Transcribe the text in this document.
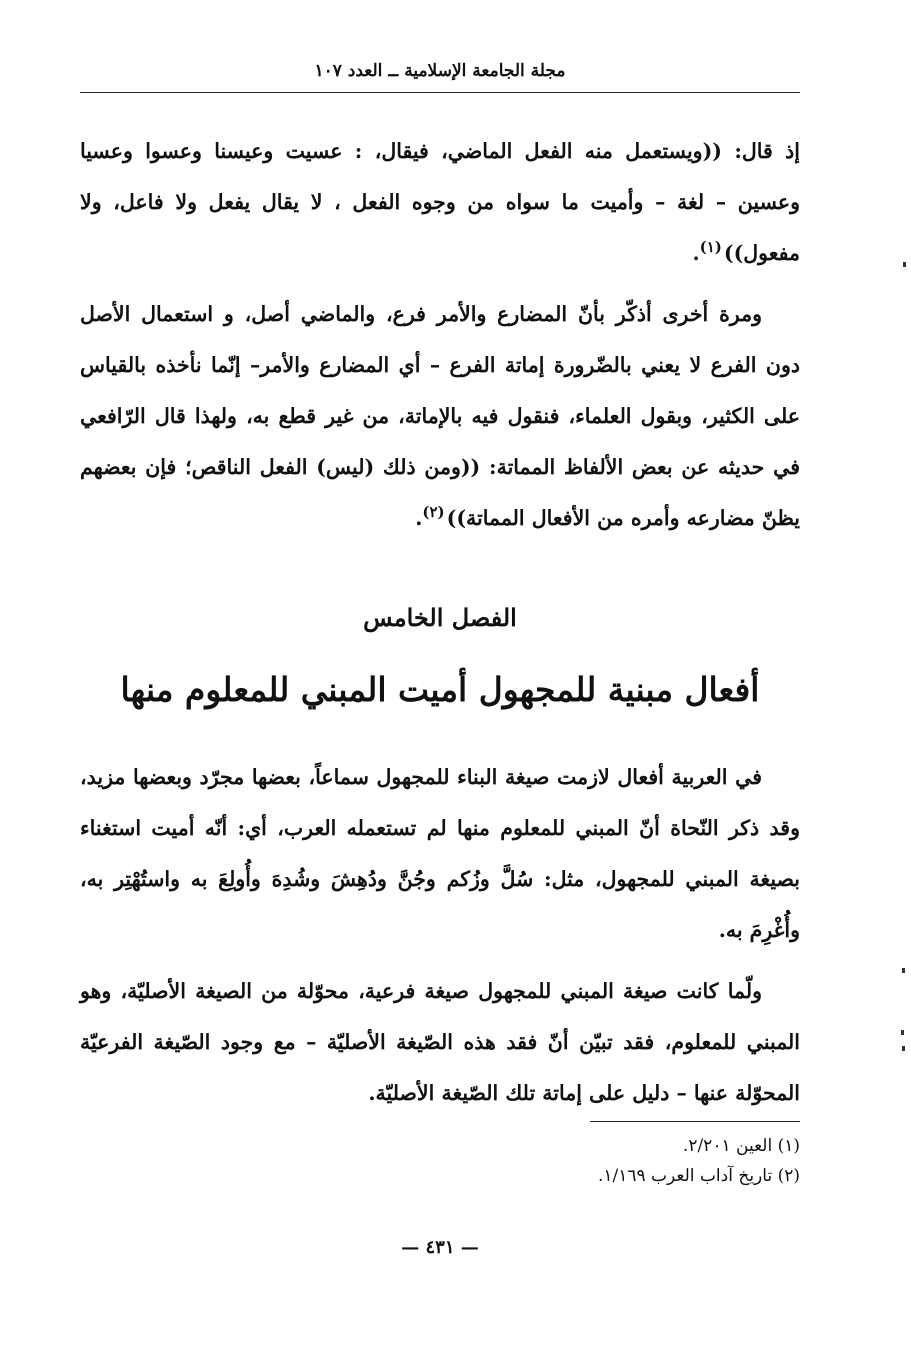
مجلة الجامعة الإسلامية ــ العدد ١٠٧

إذ قال: ((ويستعمل منه الفعل الماضي، فيقال، : عسيت وعيسنا وعسوا وعسيا وعسين – لغة – وأميت ما سواه من وجوه الفعل ، لا يقال يفعل ولا فاعل، ولا مفعول))$^{(١)}$.

ومرة أخرى أذكّر بأنّ المضارع والأمر فرع، والماضي أصل، و استعمال الأصل دون الفرع لا يعني بالضّرورة إماتة الفرع – أي المضارع والأمر– إنّما نأخذه بالقياس على الكثير، وبقول العلماء، فنقول فيه بالإماتة، من غير قطع به، ولهذا قال الرّافعي في حديثه عن بعض الألفاظ المماتة: ((ومن ذلك (ليس) الفعل الناقص؛ فإن بعضهم يظنّ مضارعه وأمره من الأفعال المماتة))$^{(٢)}$.

الفصل الخامس
أفعال مبنية للمجهول أميت المبني للمعلوم منها

في العربية أفعال لازمت صيغة البناء للمجهول سماعاً، بعضها مجرّد وبعضها مزيد، وقد ذكر النّحاة أنّ المبني للمعلوم منها لم تستعمله العرب، أي: أنّه أميت استغناء بصيغة المبني للمجهول، مثل: سُلَّ وزُكم وجُنَّ ودُهِشَ وشُدِهَ وأُولِعَ به واستُهْتِر به، وأُغْرِمَ به.

ولّما كانت صيغة المبني للمجهول صيغة فرعية، محوّلة من الصيغة الأصليّة، وهو المبني للمعلوم، فقد تبيّن أنّ فقد هذه الصّيغة الأصليّة – مع وجود الصّيغة الفرعيّة المحوّلة عنها – دليل على إماتة تلك الصّيغة الأصليّة.

(١) العين ٢/٢٠١.

(٢) تاريخ آداب العرب ١/١٦٩.

— ٤٣١ —
